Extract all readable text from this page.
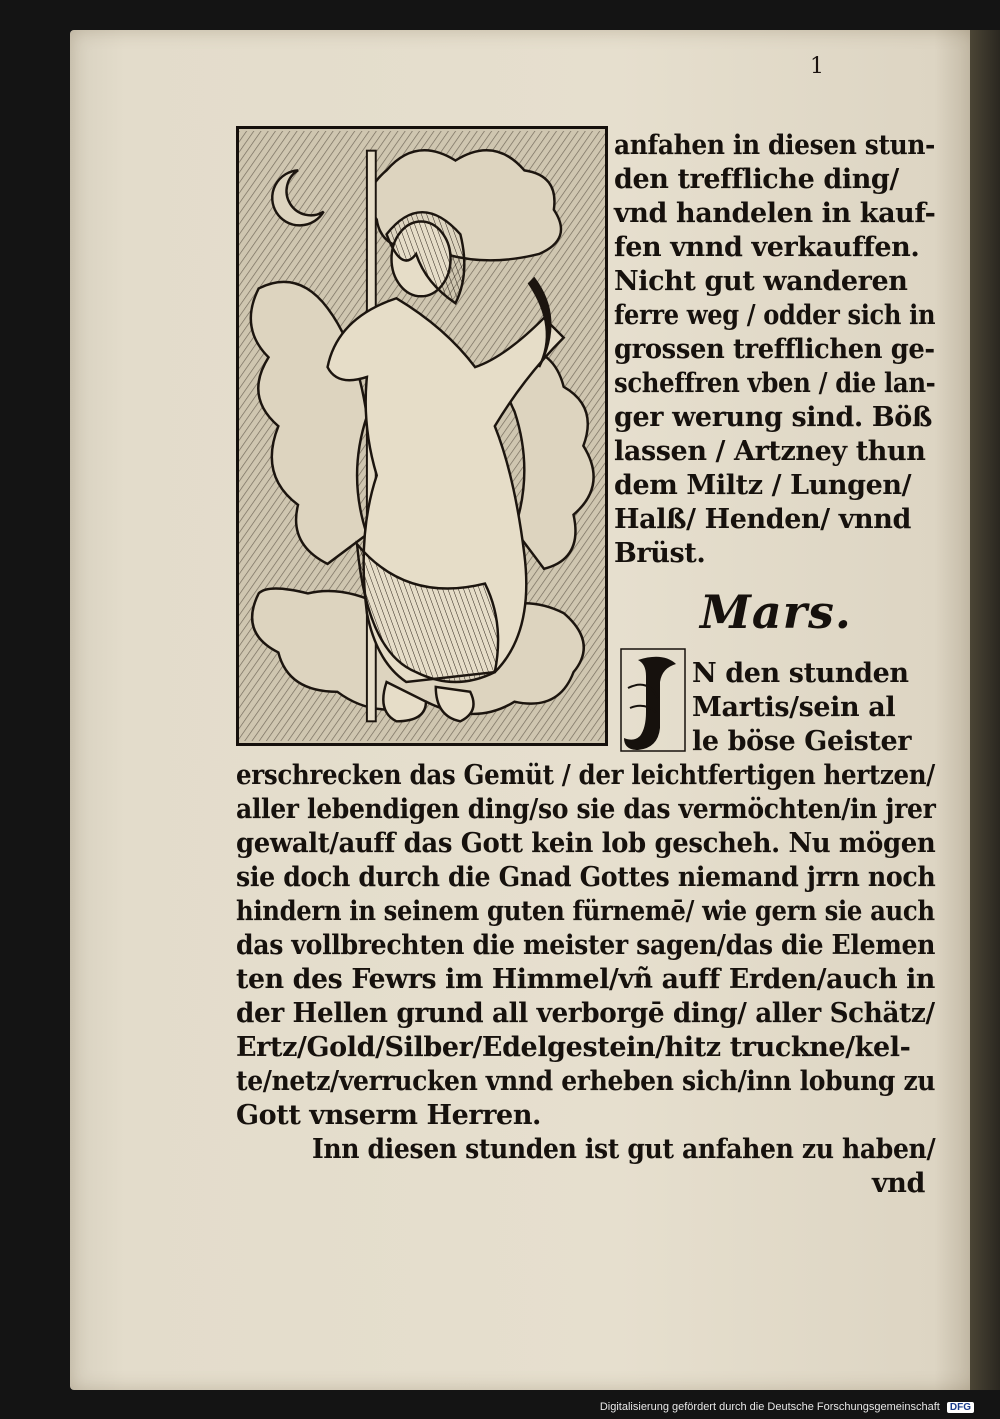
1

anfahen in diesen stun-

den treffliche ding/

vnd handelen in kauf-

fen vnnd verkauffen.

Nicht gut wanderen

ferre weg / odder sich in

grossen trefflichen ge-

scheffren vben / die lan-

ger werung sind. Böß

lassen / Artzney thun

dem Miltz / Lungen/

Halß/ Henden/ vnnd

Brüst.

Mars.

N den stunden

Martis/sein al

le böse Geister

erschrecken das Gemüt / der leichtfertigen hertzen/

aller lebendigen ding/so sie das vermöchten/in jrer

gewalt/auff das Gott kein lob gescheh. Nu mögen

sie doch durch die Gnad Gottes niemand jrrn noch

hindern in seinem guten fürnemē/ wie gern sie auch

das vollbrechten die meister sagen/das die Elemen

ten des Fewrs im Himmel/vñ auff Erden/auch in

der Hellen grund all verborgē ding/ aller Schätz/

Ertz/Gold/Silber/Edelgestein/hitz truckne/kel-

te/netz/verrucken vnnd erheben sich/inn lobung zu

Gott vnserm Herren.

Inn diesen stunden ist gut anfahen zu haben/

vnd

Digitalisierung gefördert durch die Deutsche Forschungsgemeinschaft DFG
